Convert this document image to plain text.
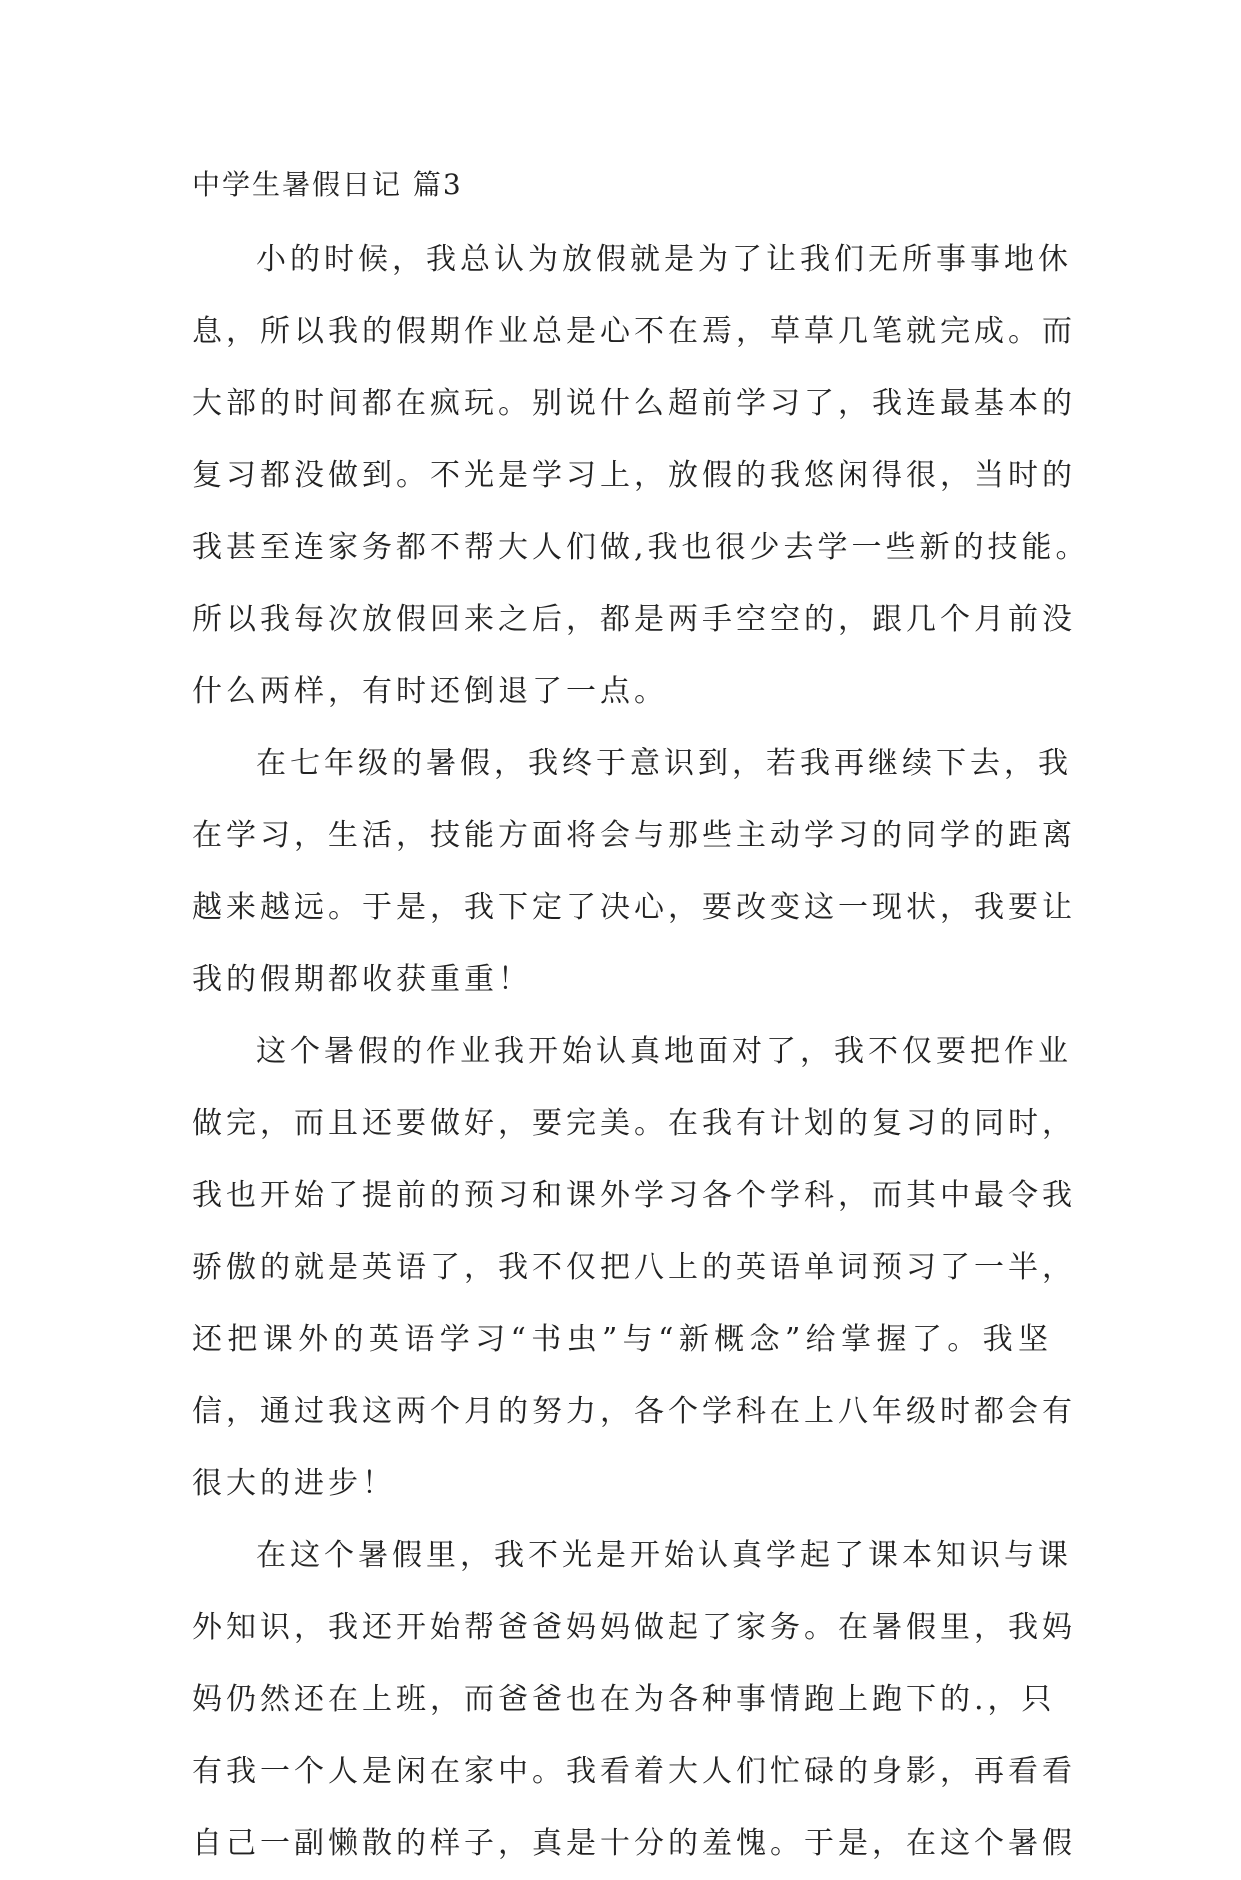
中学生暑假日记 篇3
小的时候，我总认为放假就是为了让我们无所事事地休
息，所以我的假期作业总是心不在焉，草草几笔就完成。而
大部的时间都在疯玩。别说什么超前学习了，我连最基本的
复习都没做到。不光是学习上，放假的我悠闲得很，当时的
我甚至连家务都不帮大人们做,我也很少去学一些新的技能。
所以我每次放假回来之后，都是两手空空的，跟几个月前没
什么两样，有时还倒退了一点。
在七年级的暑假，我终于意识到，若我再继续下去，我
在学习，生活，技能方面将会与那些主动学习的同学的距离
越来越远。于是，我下定了决心，要改变这一现状，我要让
我的假期都收获重重！
这个暑假的作业我开始认真地面对了，我不仅要把作业
做完，而且还要做好，要完美。在我有计划的复习的同时，
我也开始了提前的预习和课外学习各个学科，而其中最令我
骄傲的就是英语了，我不仅把八上的英语单词预习了一半，
还把课外的英语学习“书虫”与“新概念”给掌握了。我坚
信，通过我这两个月的努力，各个学科在上八年级时都会有
很大的进步！
在这个暑假里，我不光是开始认真学起了课本知识与课
外知识，我还开始帮爸爸妈妈做起了家务。在暑假里，我妈
妈仍然还在上班，而爸爸也在为各种事情跑上跑下的.，只
有我一个人是闲在家中。我看着大人们忙碌的身影，再看看
自己一副懒散的样子，真是十分的羞愧。于是，在这个暑假
